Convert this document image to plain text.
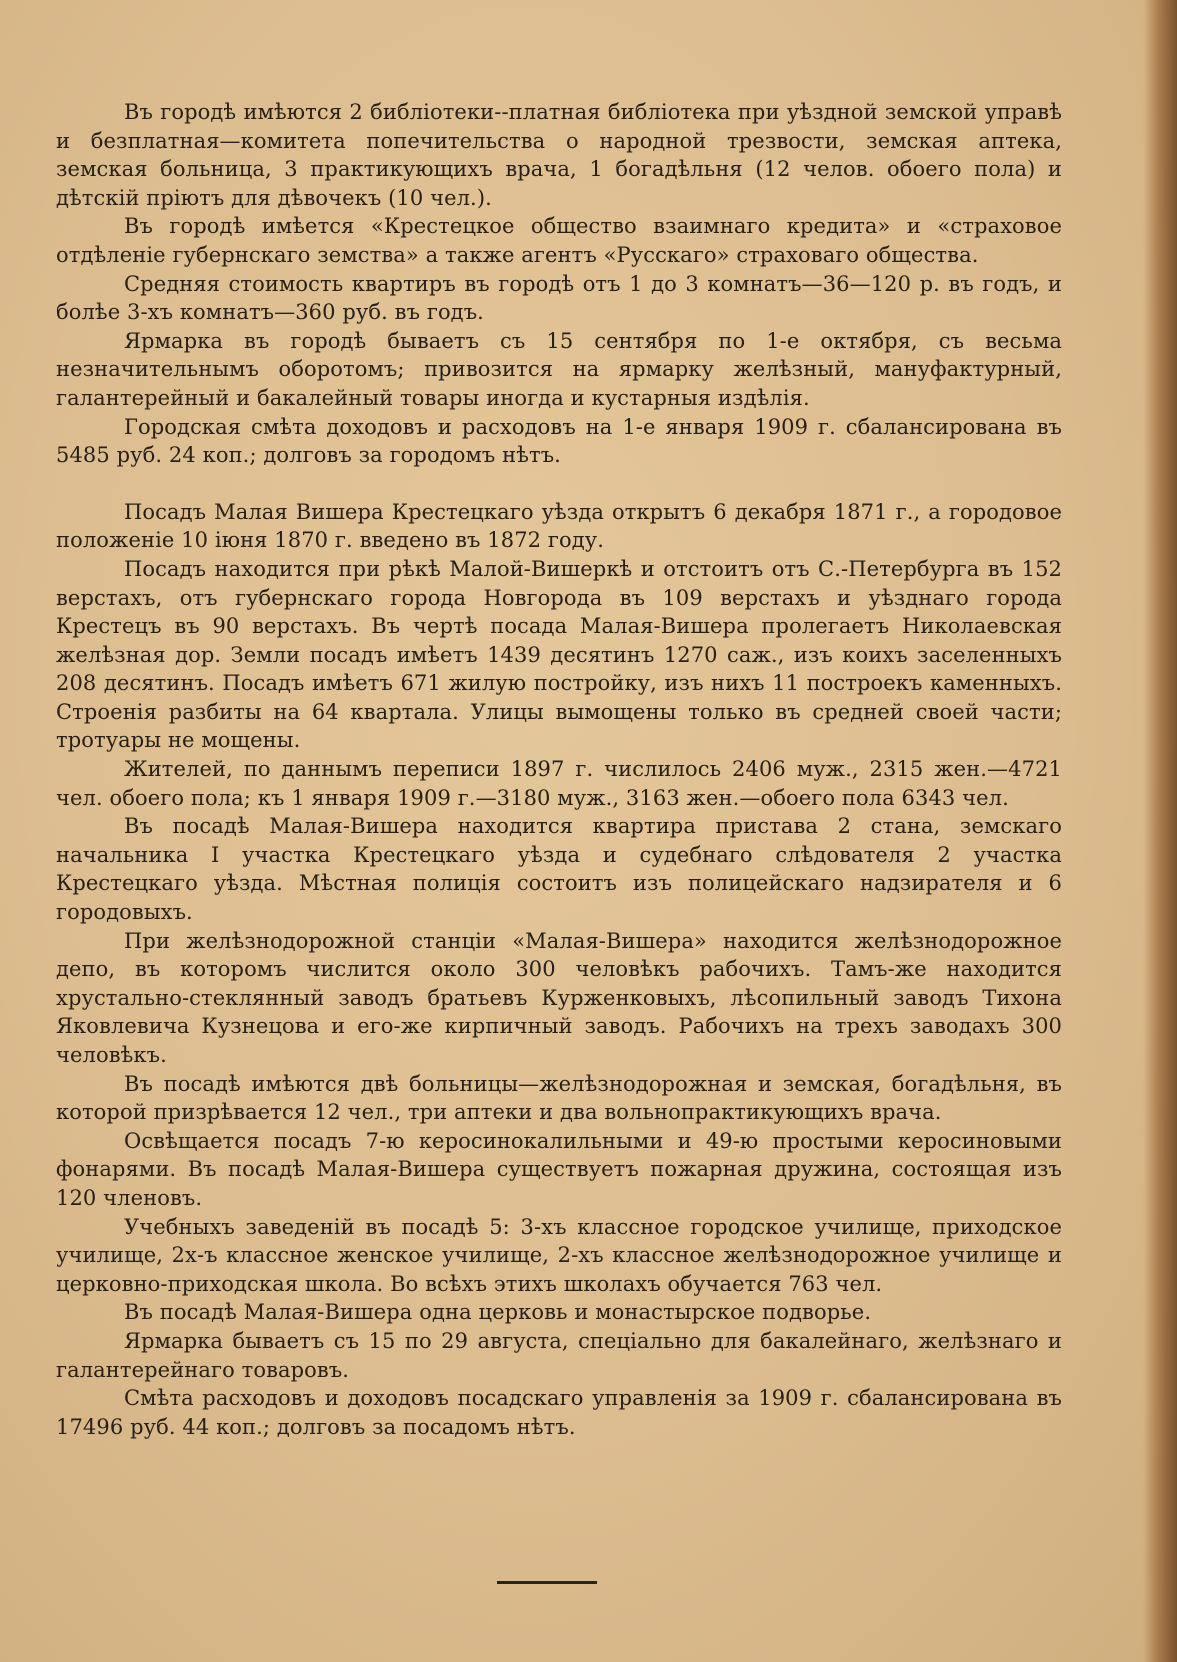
Въ городѣ имѣются 2 библіотеки--платная библіотека при уѣздной земской управѣ и безплатная—комитета попечительства о народной трезвости, земская аптека, земская больница, 3 практикующихъ врача, 1 богадѣльня (12 челов. обоего пола) и дѣтскій пріютъ для дѣвочекъ (10 чел.).

Въ городѣ имѣется «Крестецкое общество взаимнаго кредита» и «страховое отдѣленіе губернскаго земства» а также агентъ «Русскаго» страховаго общества.

Средняя стоимость квартиръ въ городѣ отъ 1 до 3 комнатъ—36—120 р. въ годъ, и болѣе 3-хъ комнатъ—360 руб. въ годъ.

Ярмарка въ городѣ бываетъ съ 15 сентября по 1-е октября, съ весьма незначительнымъ оборотомъ; привозится на ярмарку желѣзный, мануфактурный, галантерейный и бакалейный товары иногда и кустарныя издѣлія.

Городская смѣта доходовъ и расходовъ на 1-е января 1909 г. сбалансирована въ 5485 руб. 24 коп.; долговъ за городомъ нѣтъ.

Посадъ Малая Вишера Крестецкаго уѣзда открытъ 6 декабря 1871 г., а городовое положеніе 10 іюня 1870 г. введено въ 1872 году.

Посадъ находится при рѣкѣ Малой-Вишеркѣ и отстоитъ отъ С.-Петербурга въ 152 верстахъ, отъ губернскаго города Новгорода въ 109 верстахъ и уѣзднаго города Крестецъ въ 90 верстахъ. Въ чертѣ посада Малая-Вишера пролегаетъ Николаевская желѣзная дор. Земли посадъ имѣетъ 1439 десятинъ 1270 саж., изъ коихъ заселенныхъ 208 десятинъ. Посадъ имѣетъ 671 жилую постройку, изъ нихъ 11 построекъ каменныхъ. Строенія разбиты на 64 квартала. Улицы вымощены только въ средней своей части; тротуары не мощены.

Жителей, по даннымъ переписи 1897 г. числилось 2406 муж., 2315 жен.—4721 чел. обоего пола; къ 1 января 1909 г.—3180 муж., 3163 жен.—обоего пола 6343 чел.

Въ посадѣ Малая-Вишера находится квартира пристава 2 стана, земскаго начальника I участка Крестецкаго уѣзда и судебнаго слѣдователя 2 участка Крестецкаго уѣзда. Мѣстная полиція состоитъ изъ полицейскаго надзирателя и 6 городовыхъ.

При желѣзнодорожной станціи «Малая-Вишера» находится желѣзнодорожное депо, въ которомъ числится около 300 человѣкъ рабочихъ. Тамъ-же находится хрустально-стеклянный заводъ братьевъ Курженковыхъ, лѣсопильный заводъ Тихона Яковлевича Кузнецова и его-же кирпичный заводъ. Рабочихъ на трехъ заводахъ 300 человѣкъ.

Въ посадѣ имѣются двѣ больницы—желѣзнодорожная и земская, богадѣльня, въ которой призрѣвается 12 чел., три аптеки и два вольнопрактикующихъ врача.

Освѣщается посадъ 7-ю керосинокалильными и 49-ю простыми керосиновыми фонарями. Въ посадѣ Малая-Вишера существуетъ пожарная дружина, состоящая изъ 120 членовъ.

Учебныхъ заведеній въ посадѣ 5: 3-хъ классное городское училище, приходское училище, 2х-ъ классное женское училище, 2-хъ классное желѣзнодорожное училище и церковно-приходская школа. Во всѣхъ этихъ школахъ обучается 763 чел.

Въ посадѣ Малая-Вишера одна церковь и монастырское подворье.

Ярмарка бываетъ съ 15 по 29 августа, спеціально для бакалейнаго, желѣзнаго и галантерейнаго товаровъ.

Смѣта расходовъ и доходовъ посадскаго управленія за 1909 г. сбалансирована въ 17496 руб. 44 коп.; долговъ за посадомъ нѣтъ.
